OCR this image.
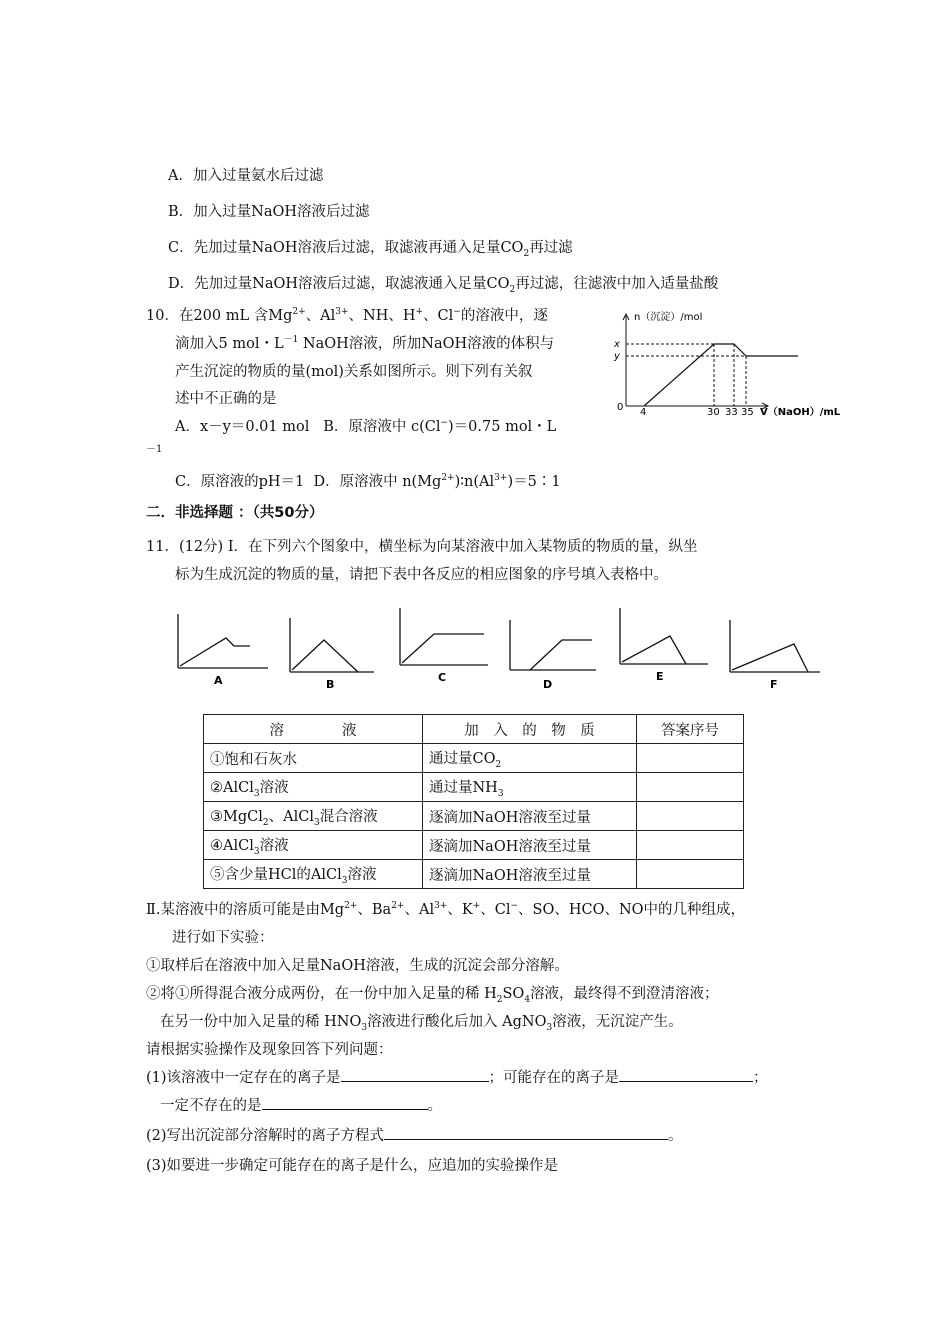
A．加入过量氨水后过滤
B．加入过量NaOH溶液后过滤
C．先加过量NaOH溶液后过滤，取滤液再通入足量$CO_2$再过滤
D．先加过量NaOH溶液后过滤，取滤液通入足量$CO_2$再过滤，往滤液中加入适量盐酸
10．在200 mL 含$Mg^{2+}$、$Al^{3+}$、NH、H+、Cl−的溶液中，逐
滴加入5 mol・$L^{-1}$ NaOH溶液，所加NaOH溶液的体积与
产生沉淀的物质的量(mol)关系如图所示。则下列有关叙
述中不正确的是
A．x－y＝0.01 mol B．原溶液中 c(Cl−)＝0.75 mol・L
－1
C．原溶液的pH＝1 D．原溶液中 $n(Mg^{2+})∶n(Al^{3+})=5∶1$
n（沉淀）/mol
x
y
0 4	30 33 35 V（NaOH）/mL
二．非选择题 ：（共50分）
11．(12分) Ⅰ．在下列六个图象中，横坐标为向某溶液中加入某物质的物质的量，纵坐
标为生成沉淀的物质的量，请把下表中各反应的相应图象的序号填入表格中。
A	B
C
D
E
F
溶　　　　液	加　入　的　物　质	答案序号
①饱和石灰水	通过量$CO_2$	
②AlCl$_3$溶液	通过量$NH_3$	
③MgCl$_2$、AlCl$_3$混合溶液	逐滴加NaOH溶液至过量	
④AlCl$_3$溶液	逐滴加NaOH溶液至过量	
⑤含少量HCl的AlCl$_3$溶液	逐滴加NaOH溶液至过量	
Ⅱ.某溶液中的溶质可能是由$Mg^{2+}$、$Ba^{2+}$、$Al^{3+}$、K+、Cl−、SO、HCO、NO中的几种组成，
进行如下实验：
①取样后在溶液中加入足量NaOH溶液，生成的沉淀会部分溶解。
②将①所得混合液分成两份，在一份中加入足量的稀 $H_2SO_4$溶液，最终得不到澄清溶液；
在另一份中加入足量的稀 $HNO_3$溶液进行酸化后加入 AgNO$_3$溶液，无沉淀产生。
请根据实验操作及现象回答下列问题：
(1)该溶液中一定存在的离子是	；可能存在的离子是	；
一定不存在的是	。
(2)写出沉淀部分溶解时的离子方程式	。
(3)如要进一步确定可能存在的离子是什么，应追加的实验操作是
